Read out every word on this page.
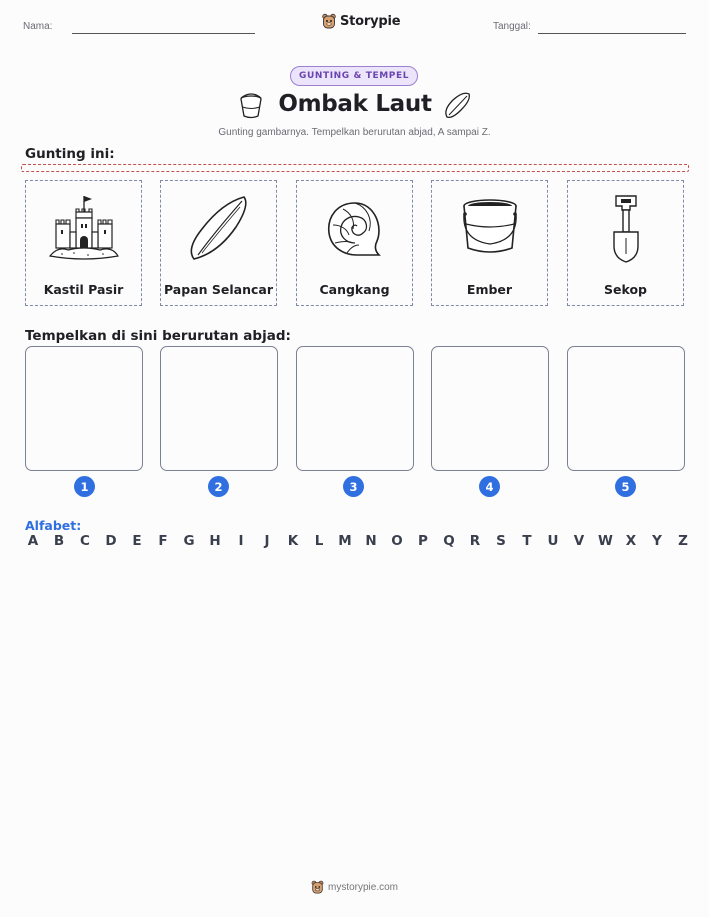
Nama:	Storypie	Tanggal:
GUNTING & TEMPEL
Ombak Laut
Gunting gambarnya. Tempelkan berurutan abjad, A sampai Z.
Gunting ini:
Kastil Pasir	Papan Selancar	Cangkang	Ember	Sekop
Tempelkan di sini berurutan abjad:
1	2	3	4	5
Alfabet:
A B C D E F G H	I	J	K L M N O P Q R S T U V W X Y Z
mystorypie.com
